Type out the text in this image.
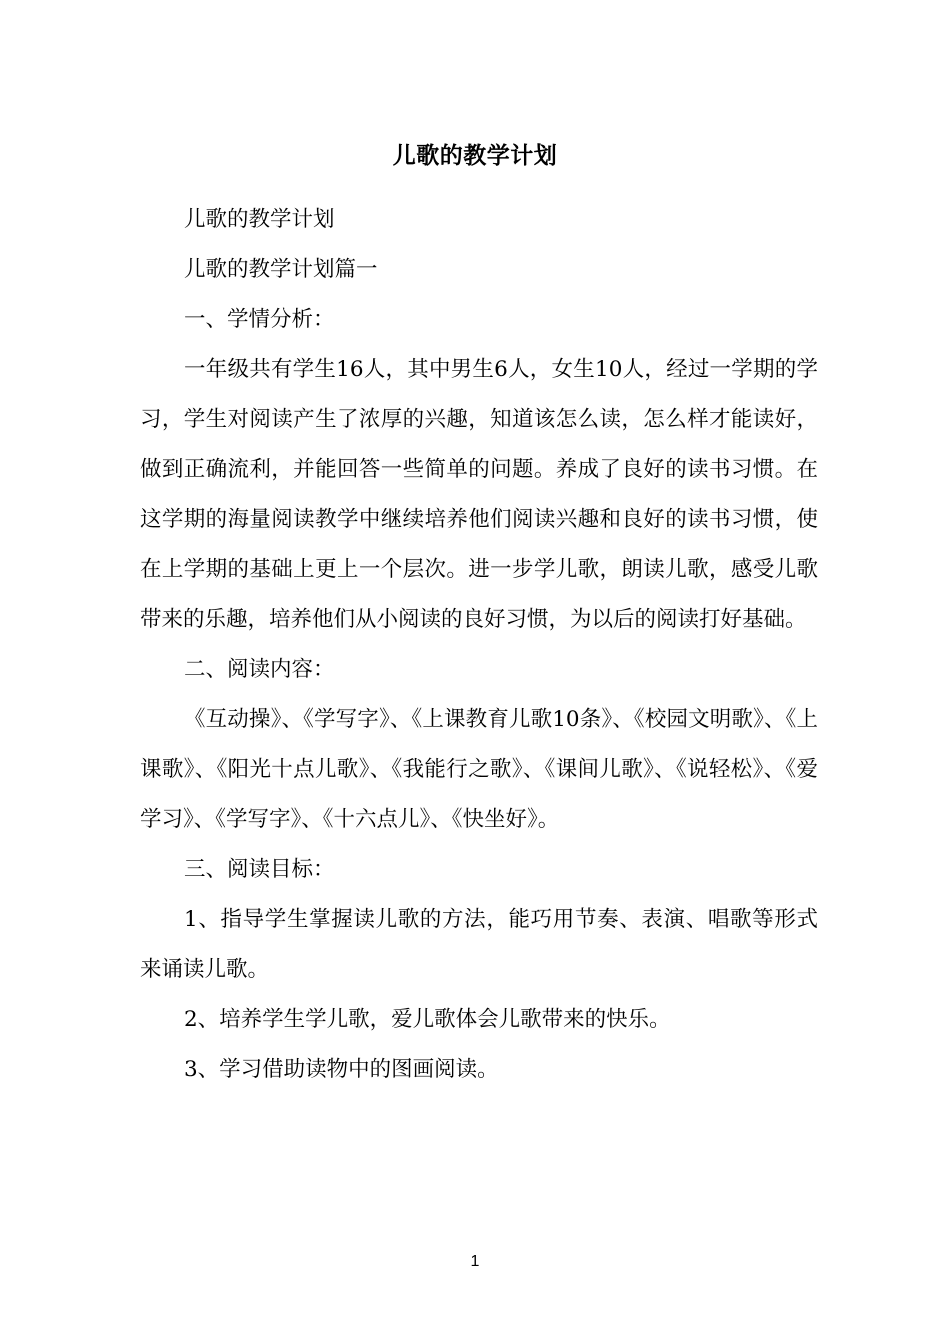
儿歌的教学计划

儿歌的教学计划

儿歌的教学计划篇一

一、学情分析：

一年级共有学生16人，其中男生6人，女生10人，经过一学期的学习，学生对阅读产生了浓厚的兴趣，知道该怎么读，怎么样才能读好，做到正确流利，并能回答一些简单的问题。养成了良好的读书习惯。在这学期的海量阅读教学中继续培养他们阅读兴趣和良好的读书习惯，使在上学期的基础上更上一个层次。进一步学儿歌，朗读儿歌，感受儿歌带来的乐趣，培养他们从小阅读的良好习惯，为以后的阅读打好基础。

二、阅读内容：

《互动操》、《学写字》、《上课教育儿歌10条》、《校园文明歌》、《上课歌》、《阳光十点儿歌》、《我能行之歌》、《课间儿歌》、《说轻松》、《爱学习》、《学写字》、《十六点儿》、《快坐好》。

三、阅读目标：

1、指导学生掌握读儿歌的方法，能巧用节奏、表演、唱歌等形式来诵读儿歌。

2、培养学生学儿歌，爱儿歌体会儿歌带来的快乐。

3、学习借助读物中的图画阅读。

1
